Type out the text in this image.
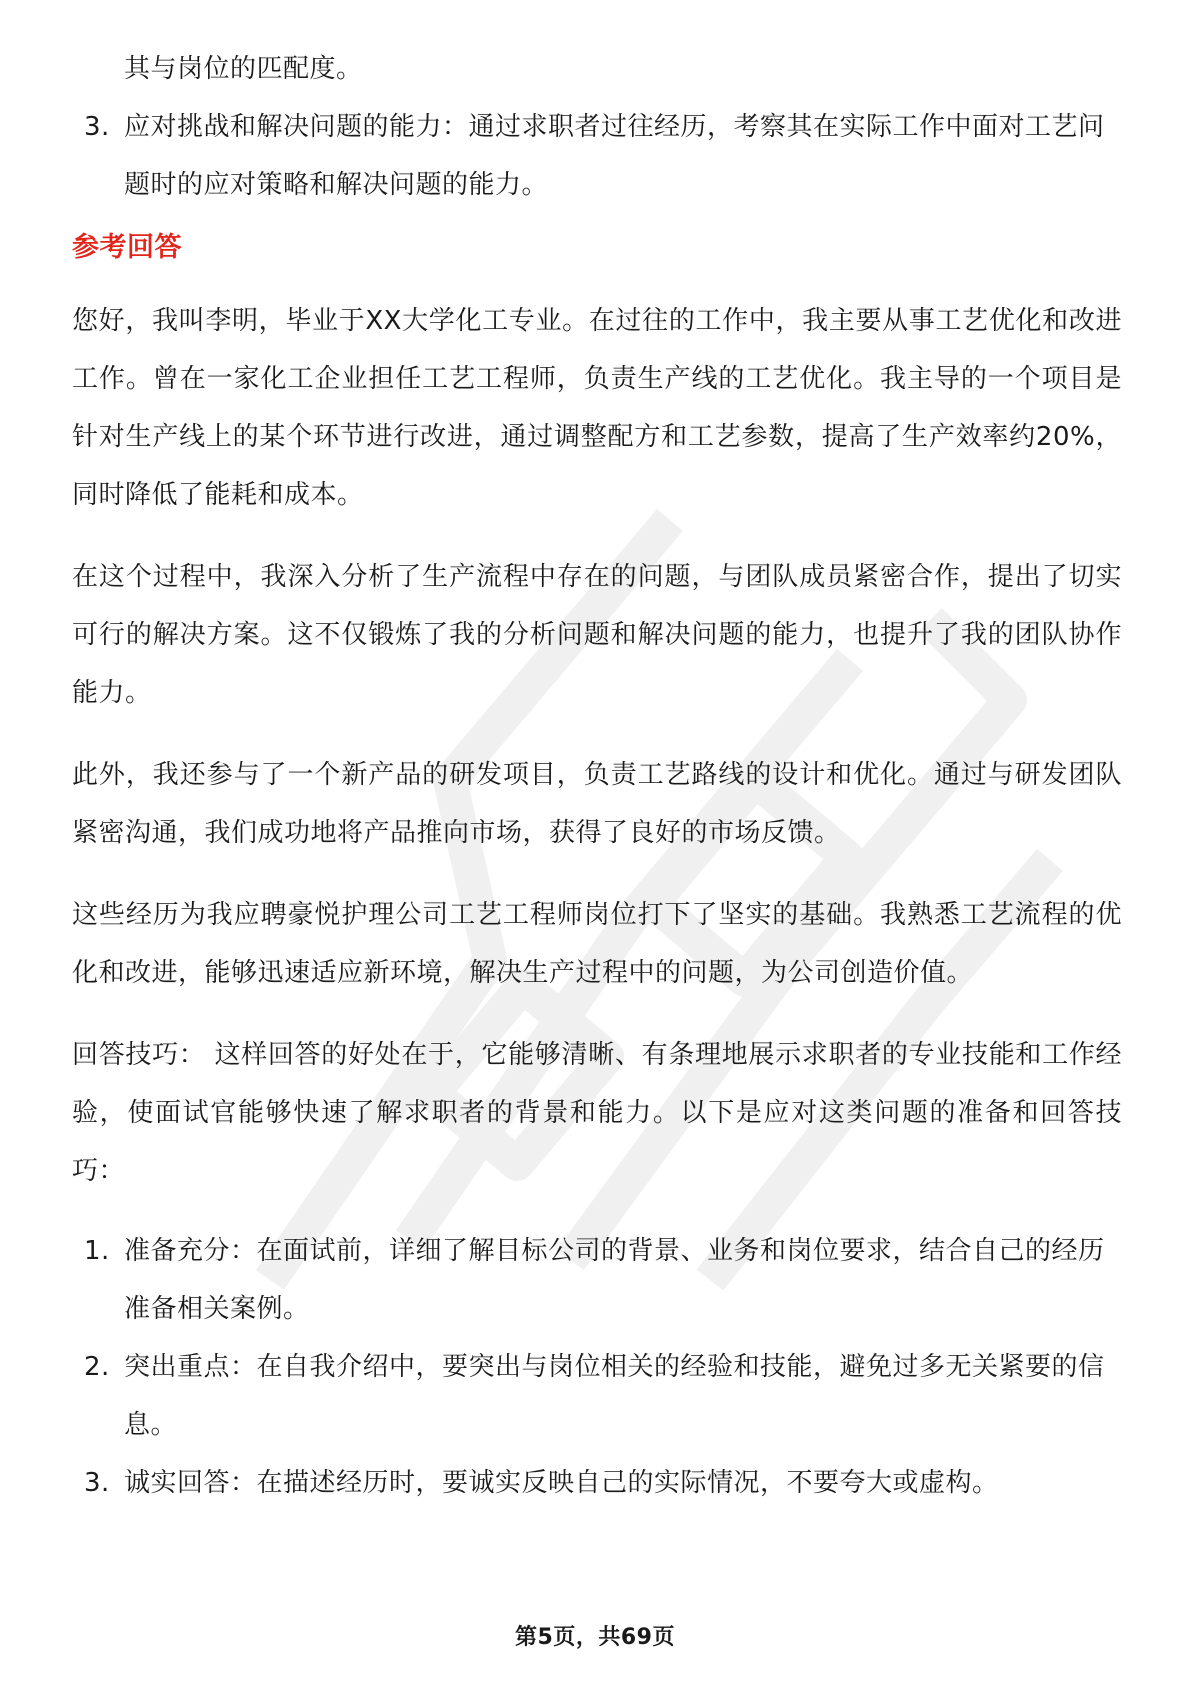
其与岗位的匹配度。

3. 应对挑战和解决问题的能力：通过求职者过往经历，考察其在实际工作中面对工艺问题时的应对策略和解决问题的能力。
参考回答

您好，我叫李明，毕业于XX大学化工专业。在过往的工作中，我主要从事工艺优化和改进工作。曾在一家化工企业担任工艺工程师，负责生产线的工艺优化。我主导的一个项目是针对生产线上的某个环节进行改进，通过调整配方和工艺参数，提高了生产效率约20%，同时降低了能耗和成本。

在这个过程中，我深入分析了生产流程中存在的问题，与团队成员紧密合作，提出了切实可行的解决方案。这不仅锻炼了我的分析问题和解决问题的能力，也提升了我的团队协作能力。

此外，我还参与了一个新产品的研发项目，负责工艺路线的设计和优化。通过与研发团队紧密沟通，我们成功地将产品推向市场，获得了良好的市场反馈。

这些经历为我应聘豪悦护理公司工艺工程师岗位打下了坚实的基础。我熟悉工艺流程的优化和改进，能够迅速适应新环境，解决生产过程中的问题，为公司创造价值。

回答技巧： 这样回答的好处在于，它能够清晰、有条理地展示求职者的专业技能和工作经验，使面试官能够快速了解求职者的背景和能力。以下是应对这类问题的准备和回答技巧：

1. 准备充分：在面试前，详细了解目标公司的背景、业务和岗位要求，结合自己的经历准备相关案例。
2. 突出重点：在自我介绍中，要突出与岗位相关的经验和技能，避免过多无关紧要的信息。
3. 诚实回答：在描述经历时，要诚实反映自己的实际情况，不要夸大或虚构。
第5页，共69页
